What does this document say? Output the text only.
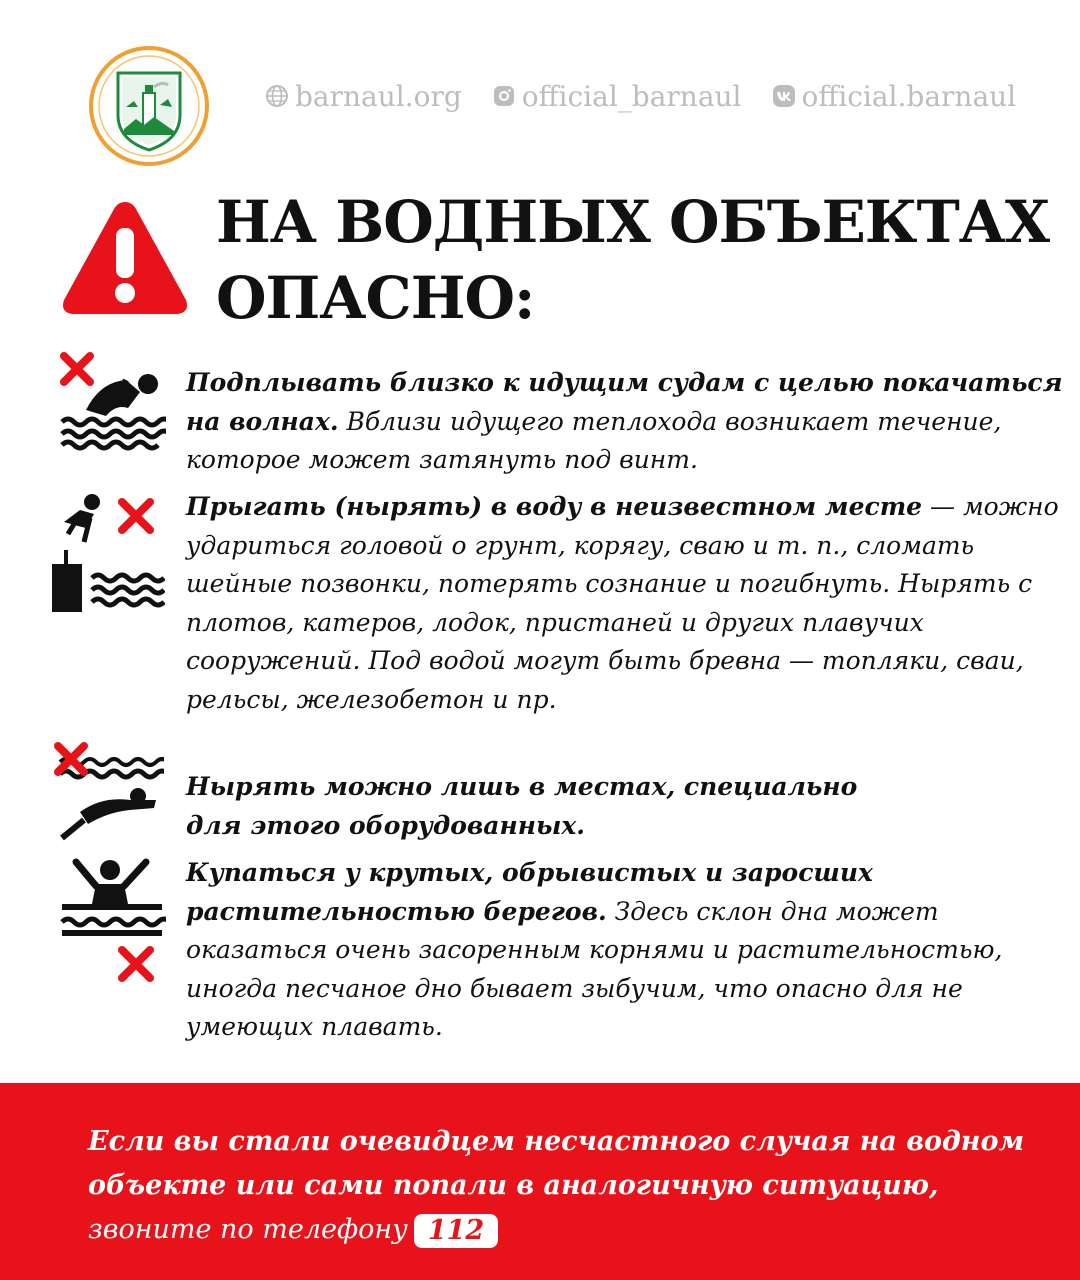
barnaul.org official_barnaul official.barnaul
НА ВОДНЫХ ОБЪЕКТАХ
ОПАСНО:
Подплывать близко к идущим судам с целью покачаться на волнах. Вблизи идущего теплохода возникает течение, которое может затянуть под винт.
Прыгать (нырять) в воду в неизвестном месте — можно удариться головой о грунт, корягу, сваю и т. п., сломать шейные позвонки, потерять сознание и погибнуть. Нырять с плотов, катеров, лодок, пристаней и других плавучих сооружений. Под водой могут быть бревна — топляки, сваи, рельсы, железобетон и пр.
Нырять можно лишь в местах, специально для этого оборудованных.
Купаться у крутых, обрывистых и заросших растительностью берегов. Здесь склон дна может оказаться очень засоренным корнями и растительностью, иногда песчаное дно бывает зыбучим, что опасно для не умеющих плавать.
Если вы стали очевидцем несчастного случая на водном
объекте или сами попали в аналогичную ситуацию,
звоните по телефону 112
